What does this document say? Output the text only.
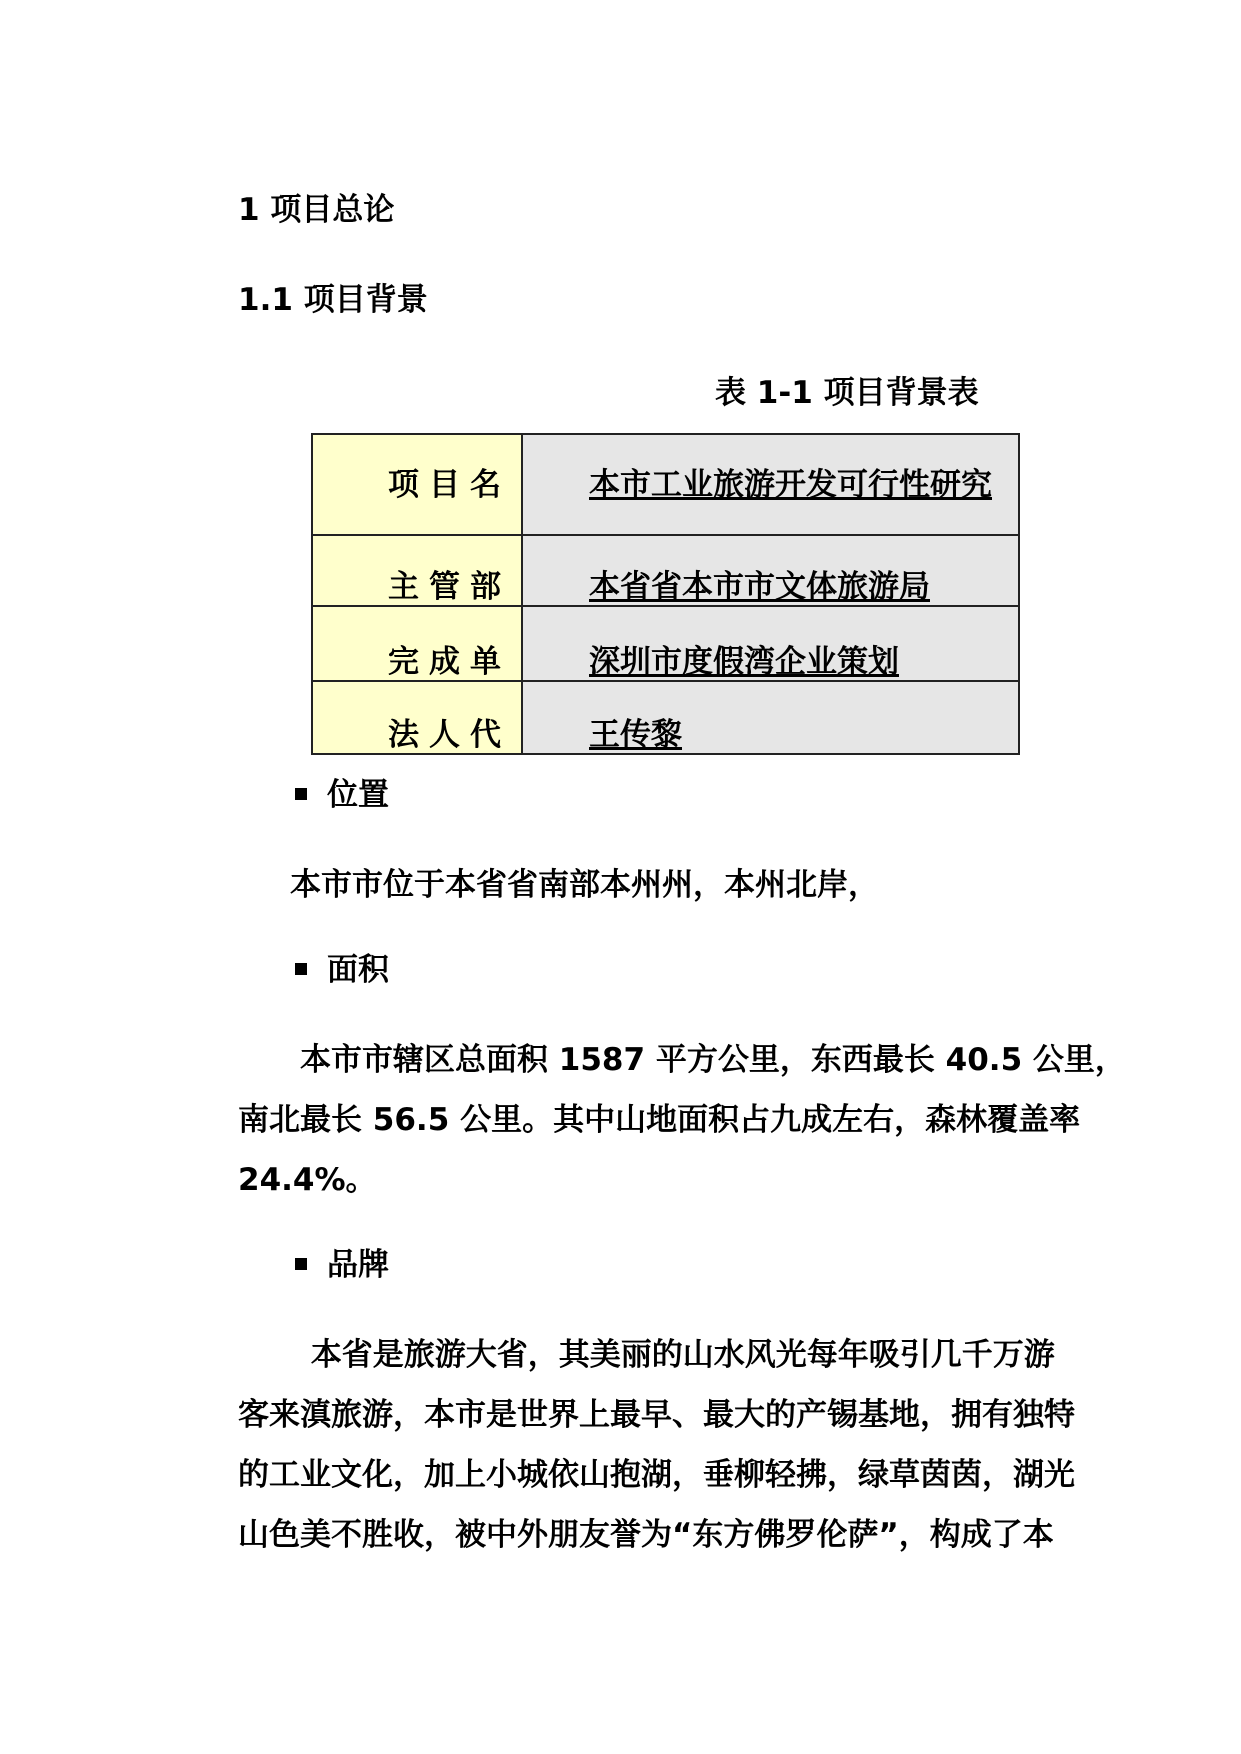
1 项目总论
1.1 项目背景
表 1-1 项目背景表
项目名	本市工业旅游开发可行性研究
主管部	本省省本市市文体旅游局
完成单	深圳市度假湾企业策划
法人代	王传黎
位置
本市市位于本省省南部本州州，本州北岸，
面积
　　本市市辖区总面积 1587 平方公里，东西最长 40.5 公里，
南北最长 56.5 公里。其中山地面积占九成左右，森林覆盖率
24.4%。
品牌
　　 本省是旅游大省，其美丽的山水风光每年吸引几千万游
客来滇旅游，本市是世界上最早、最大的产锡基地，拥有独特
的工业文化，加上小城依山抱湖，垂柳轻拂，绿草茵茵，湖光
山色美不胜收，被中外朋友誉为“东方佛罗伦萨”，构成了本
